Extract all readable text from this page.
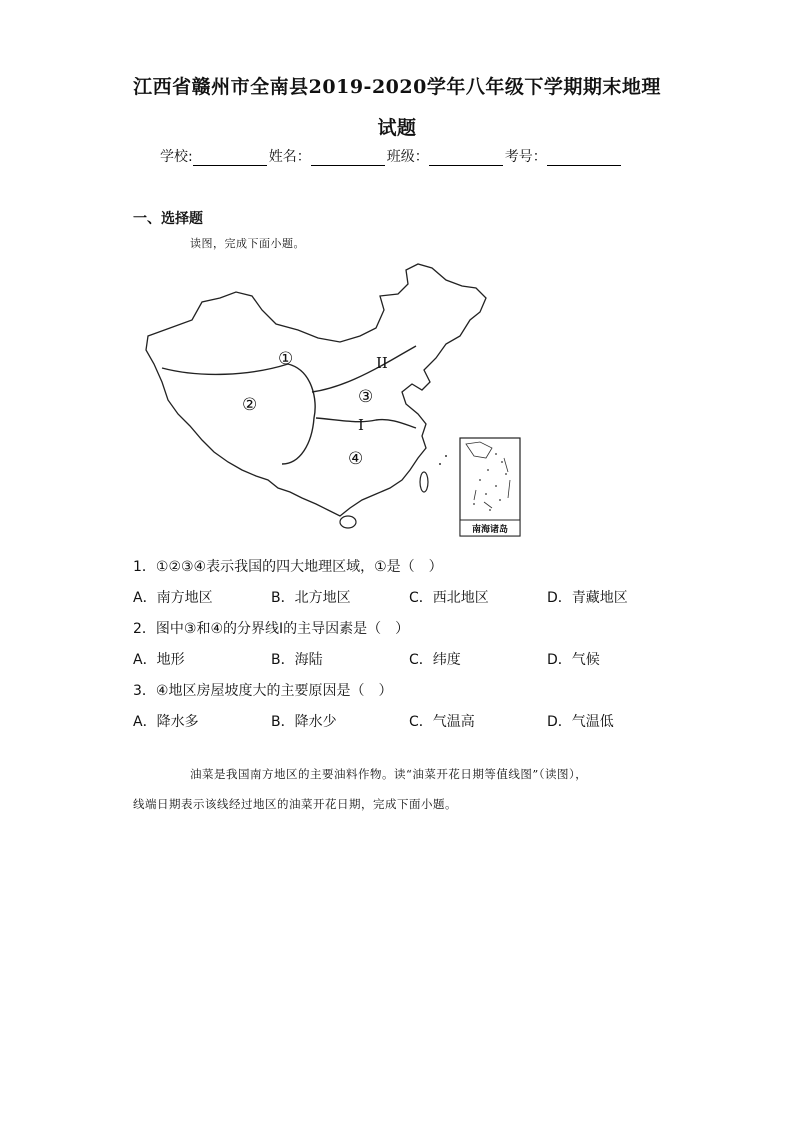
江西省赣州市全南县2019-2020学年八年级下学期期末地理
试题
学校:	姓名：	班级：	考号：
一、选择题
读图，完成下面小题。
①
②	③
④
I
II
南海诸岛
1．①②③④表示我国的四大地理区域，①是（　）
A．南方地区	B．北方地区	C．西北地区	D．青藏地区
2．图中③和④的分界线Ⅰ的主导因素是（　）
A．地形	B．海陆	C．纬度	D．气候
3．④地区房屋坡度大的主要原因是（　）
A．降水多	B．降水少	C．气温高	D．气温低
油菜是我国南方地区的主要油料作物。读“油菜开花日期等值线图”（读图），
线端日期表示该线经过地区的油菜开花日期，完成下面小题。
